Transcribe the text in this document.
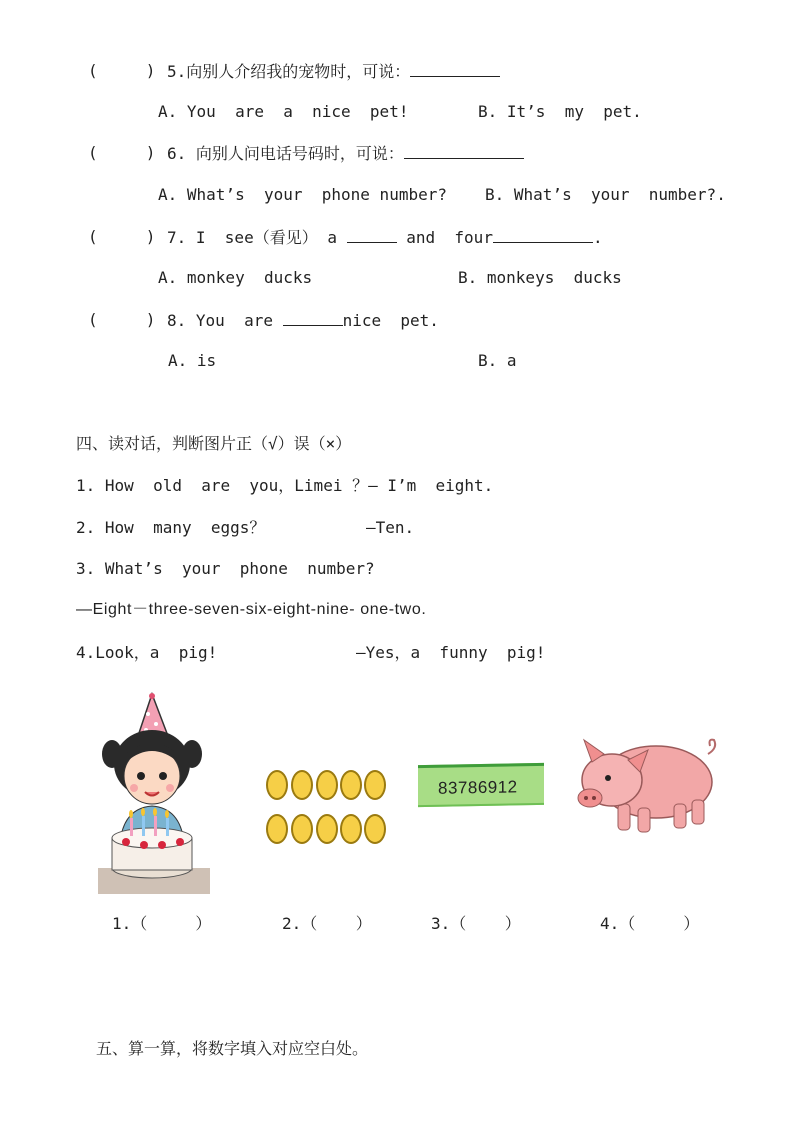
(     ) 5.向别人介绍我的宠物时，可说：
A. You  are  a  nice  pet!	B. It’s  my  pet.
(     ) 6. 向别人问电话号码时，可说：
A. What’s  your  phone number? B. What’s  your  number?.
(     ) 7. I  see（看见） a	and  four	.
A. monkey  ducks	B. monkeys  ducks
(     ) 8. You  are	nice  pet.
A. is	B. a
四、读对话，判断图片正（√）误（×）
1. How  old  are  you，Limei ？— I’m  eight.
2. How  many  eggs？	—Ten.
3. What’s  your  phone  number?
—Eight－three-seven-six-eight-nine- one-two.
4.Look，a  pig!	—Yes，a  funny  pig!
83786912
1.（     ）	2.（    ）	3.（    ）	4.（     ）
五、算一算，将数字填入对应空白处。
